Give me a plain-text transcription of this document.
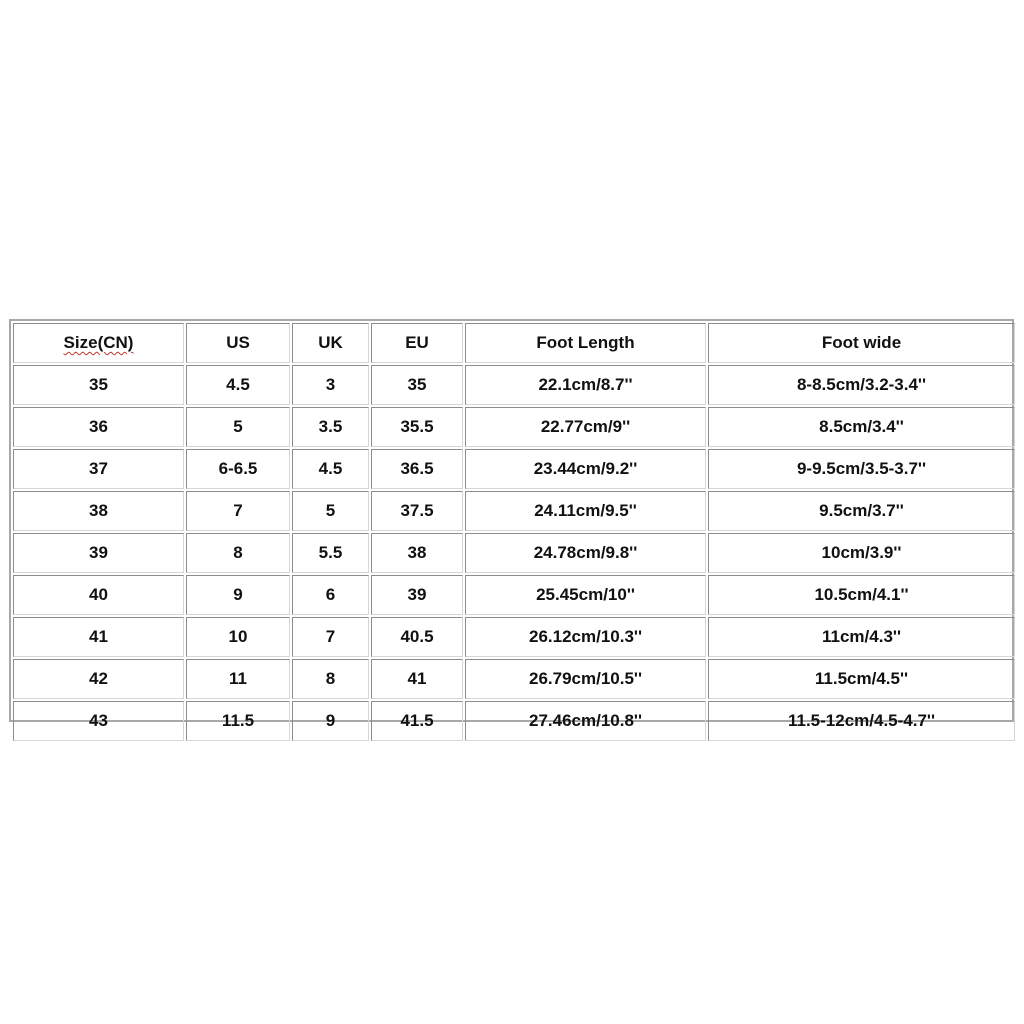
Size(CN)	US	UK	EU	Foot Length	Foot wide
35	4.5	3	35	22.1cm/8.7''	8-8.5cm/3.2-3.4''
36	5	3.5	35.5	22.77cm/9''	8.5cm/3.4''
37	6-6.5	4.5	36.5	23.44cm/9.2''	9-9.5cm/3.5-3.7''
38	7	5	37.5	24.11cm/9.5''	9.5cm/3.7''
39	8	5.5	38	24.78cm/9.8''	10cm/3.9''
40	9	6	39	25.45cm/10''	10.5cm/4.1''
41	10	7	40.5	26.12cm/10.3''	11cm/4.3''
42	11	8	41	26.79cm/10.5''	11.5cm/4.5''
43	11.5	9	41.5	27.46cm/10.8''	11.5-12cm/4.5-4.7''
